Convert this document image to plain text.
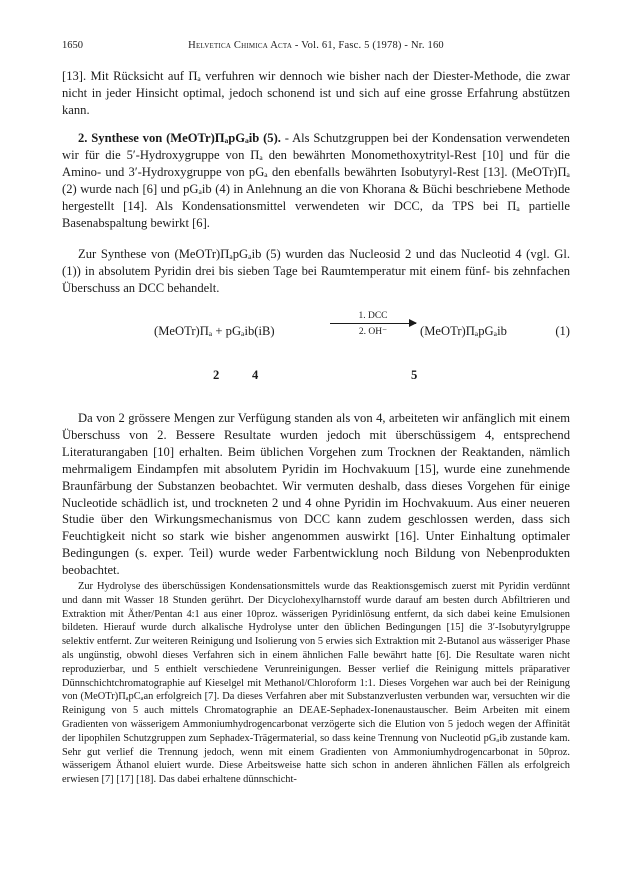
1650	Helvetica Chimica Acta - Vol. 61, Fasc. 5 (1978) - Nr. 160

[13]. Mit Rücksicht auf Πₐ verfuhren wir dennoch wie bisher nach der Diester-Methode, die zwar nicht in jeder Hinsicht optimal, jedoch schonend ist und sich auf eine grosse Erfahrung abstützen kann.

2. Synthese von (MeOTr)ΠₐpGₐib (5). - Als Schutzgruppen bei der Kondensation verwendeten wir für die 5′-Hydroxygruppe von Πₐ den bewährten Monomethoxytrityl-Rest [10] und für die Amino- und 3′-Hydroxygruppe von pGₐ den ebenfalls bewährten Isobutyryl-Rest [13]. (MeOTr)Πₐ (2) wurde nach [6] und pGₐib (4) in Anlehnung an die von Khorana & Büchi beschriebene Methode hergestellt [14]. Als Kondensationsmittel verwendeten wir DCC, da TPS bei Πₐ partielle Basenabspaltung bewirkt [6].

Zur Synthese von (MeOTr)ΠₐpGₐib (5) wurden das Nucleosid 2 und das Nucleotid 4 (vgl. Gl. (1)) in absolutem Pyridin drei bis sieben Tage bei Raumtemperatur mit einem fünf- bis zehnfachen Überschuss an DCC behandelt.

(MeOTr)Πₐ + pGₐib(iB)
1. DCC
2. OH⁻	(MeOTr)ΠₐpGₐib	(1)
2	4	5

Da von 2 grössere Mengen zur Verfügung standen als von 4, arbeiteten wir anfänglich mit einem Überschuss von 2. Bessere Resultate wurden jedoch mit überschüssigem 4, entsprechend Literaturangaben [10] erhalten. Beim üblichen Vorgehen zum Trocknen der Reaktanden, nämlich mehrmaligem Eindampfen mit absolutem Pyridin im Hochvakuum [15], wurde eine zunehmende Braunfärbung der Substanzen beobachtet. Wir vermuten deshalb, dass dieses Vorgehen für einige Nucleotide schädlich ist, und trockneten 2 und 4 ohne Pyridin im Hochvakuum. Aus einer neueren Studie über den Wirkungsmechanismus von DCC kann zudem geschlossen werden, dass sich Feuchtigkeit nicht so stark wie bisher angenommen auswirkt [16]. Unter Einhaltung optimaler Bedingungen (s. exper. Teil) wurde weder Farbentwicklung noch Bildung von Nebenprodukten beobachtet.

Zur Hydrolyse des überschüssigen Kondensationsmittels wurde das Reaktionsgemisch zuerst mit Pyridin verdünnt und dann mit Wasser 18 Stunden gerührt. Der Dicyclohexylharnstoff wurde darauf am besten durch Abfiltrieren und Extraktion mit Äther/Pentan 4:1 aus einer 10proz. wässerigen Pyridinlösung entfernt, da sich dabei keine Emulsionen bildeten. Hierauf wurde durch alkalische Hydrolyse unter den üblichen Bedingungen [15] die 3′-Isobutyrylgruppe selektiv entfernt. Zur weiteren Reinigung und Isolierung von 5 erwies sich Extraktion mit 2-Butanol aus wässeriger Phase als ungünstig, obwohl dieses Verfahren sich in einem ähnlichen Falle bewährt hatte [6]. Die Resultate waren nicht reproduzierbar, und 5 enthielt verschiedene Verunreinigungen. Besser verlief die Reinigung mittels präparativer Dünnschichtchromatographie auf Kieselgel mit Methanol/Chloroform 1:1. Dieses Vorgehen war auch bei der Reinigung von (MeOTr)ΠₐpCₐan erfolgreich [7]. Da dieses Verfahren aber mit Substanzverlusten verbunden war, versuchten wir die Reinigung von 5 auch mittels Chromatographie an DEAE-Sephadex-Ionenaustauscher. Beim Arbeiten mit einem Gradienten von wässerigem Ammoniumhydrogencarbonat verzögerte sich die Elution von 5 jedoch wegen der Affinität der lipophilen Schutzgruppen zum Sephadex-Trägermaterial, so dass keine Trennung von Nucleotid pGₐib zustande kam. Sehr gut verlief die Trennung jedoch, wenn mit einem Gradienten von Ammoniumhydrogencarbonat in 50proz. wässerigem Äthanol eluiert wurde. Diese Arbeitsweise hatte sich schon in anderen ähnlichen Fällen als erfolgreich erwiesen [7] [17] [18]. Das dabei erhaltene dünnschicht-
